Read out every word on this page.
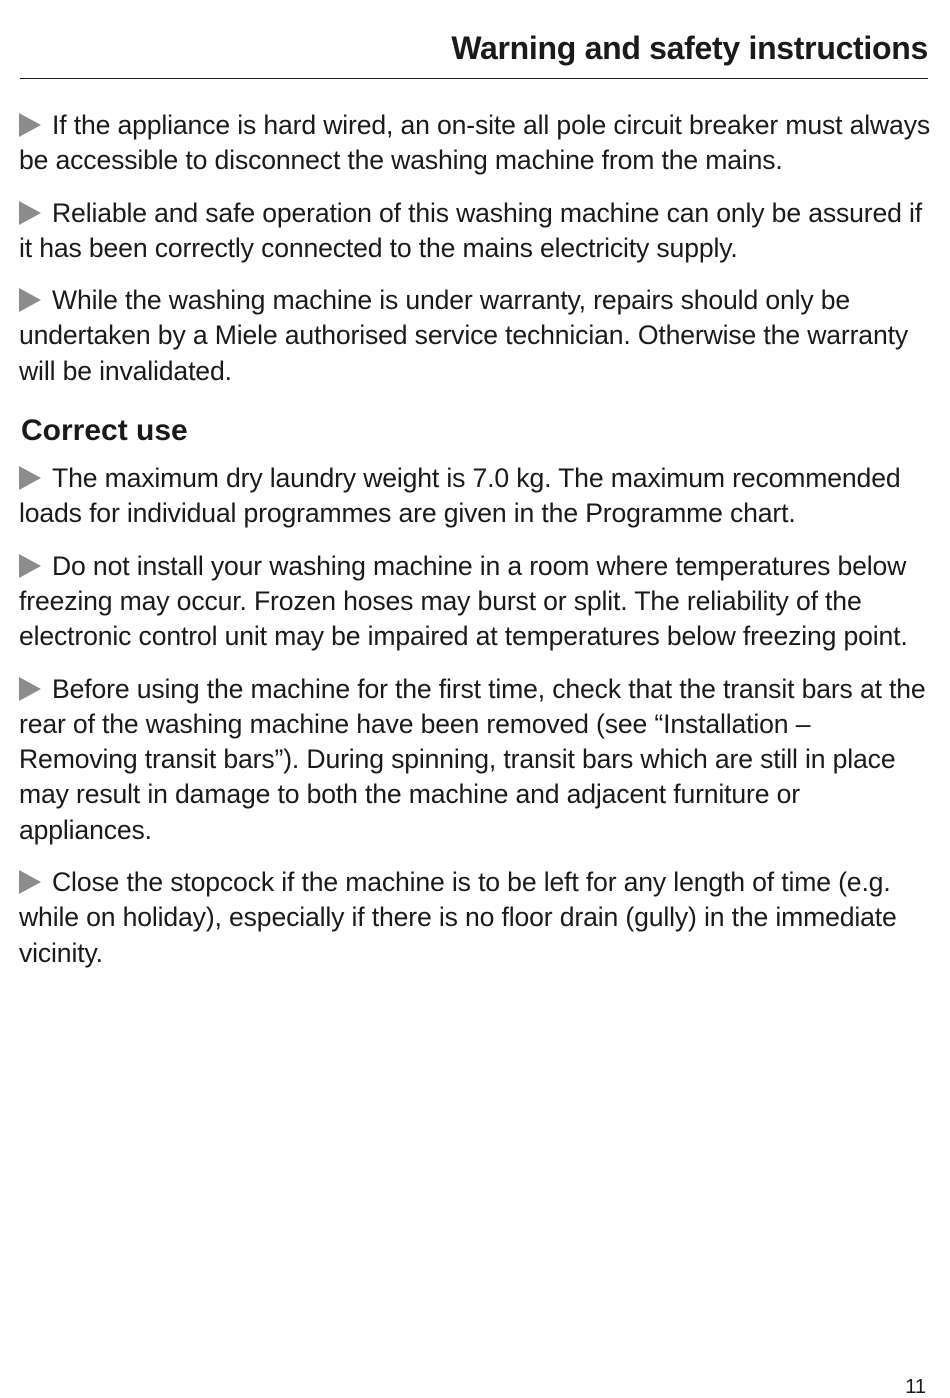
Warning and safety instructions

If the appliance is hard wired, an on-site all pole circuit breaker must always be accessible to disconnect the washing machine from the mains.

Reliable and safe operation of this washing machine can only be assured if it has been correctly connected to the mains electricity supply.

While the washing machine is under warranty, repairs should only be undertaken by a Miele authorised service technician. Otherwise the warranty will be invalidated.

Correct use

The maximum dry laundry weight is 7.0 kg. The maximum recommended loads for individual programmes are given in the Programme chart.

Do not install your washing machine in a room where temperatures below freezing may occur. Frozen hoses may burst or split. The reliability of the electronic control unit may be impaired at temperatures below freezing point.

Before using the machine for the first time, check that the transit bars at the rear of the washing machine have been removed (see “Installation – Removing transit bars”). During spinning, transit bars which are still in place may result in damage to both the machine and adjacent furniture or appliances.

Close the stopcock if the machine is to be left for any length of time (e.g. while on holiday), especially if there is no floor drain (gully) in the immediate vicinity.

11
